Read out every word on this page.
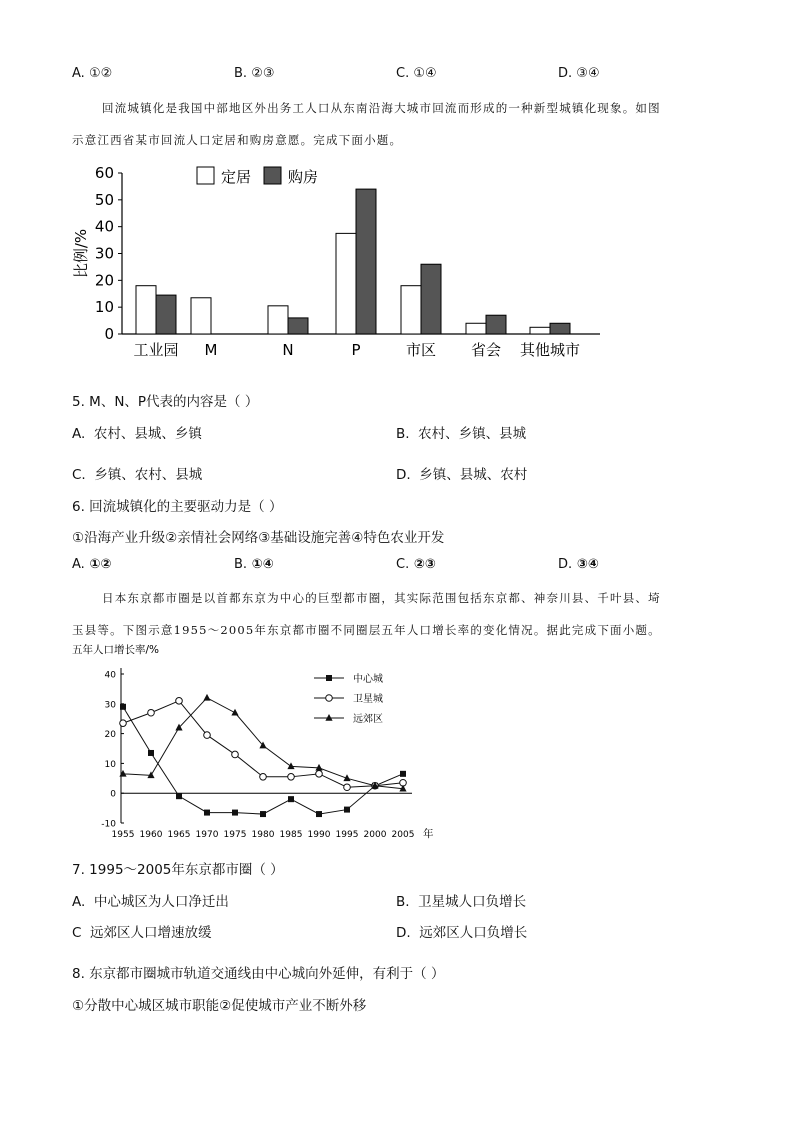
A. ①②	B. ②③	C. ①④	D. ③④
回流城镇化是我国中部地区外出务工人口从东南沿海大城市回流而形成的一种新型城镇化现象。如图
示意江西省某市回流人口定居和购房意愿。完成下面小题。
0
10
20
30
40
50
60
比例/%
工业园 M	N	P	市区 省会 其他城市
定居 购房
5. M、N、P代表的内容是（ ）
A. 农村、县城、乡镇	B. 农村、乡镇、县城
C. 乡镇、农村、县城	D. 乡镇、县城、农村
6. 回流城镇化的主要驱动力是（ ）
①沿海产业升级②亲情社会网络③基础设施完善④特色农业开发
A. ①②	B. ①④	C. ②③	D. ③④
日本东京都市圈是以首都东京为中心的巨型都市圈，其实际范围包括东京都、神奈川县、千叶县、埼
玉县等。下图示意1955～2005年东京都市圈不同圈层五年人口增长率的变化情况。据此完成下面小题。
五年人口增长率/%
-10
0
10
20
30
40
1955 1960 1965 1970 1975 1980 1985 1990 1995 2000 2005 年
中心城
卫星城
远郊区
7. 1995～2005年东京都市圈（ ）
A. 中心城区为人口净迁出	B. 卫星城人口负增长
C 远郊区人口增速放缓	D. 远郊区人口负增长
8. 东京都市圈城市轨道交通线由中心城向外延伸，有利于（ ）
①分散中心城区城市职能②促使城市产业不断外移
